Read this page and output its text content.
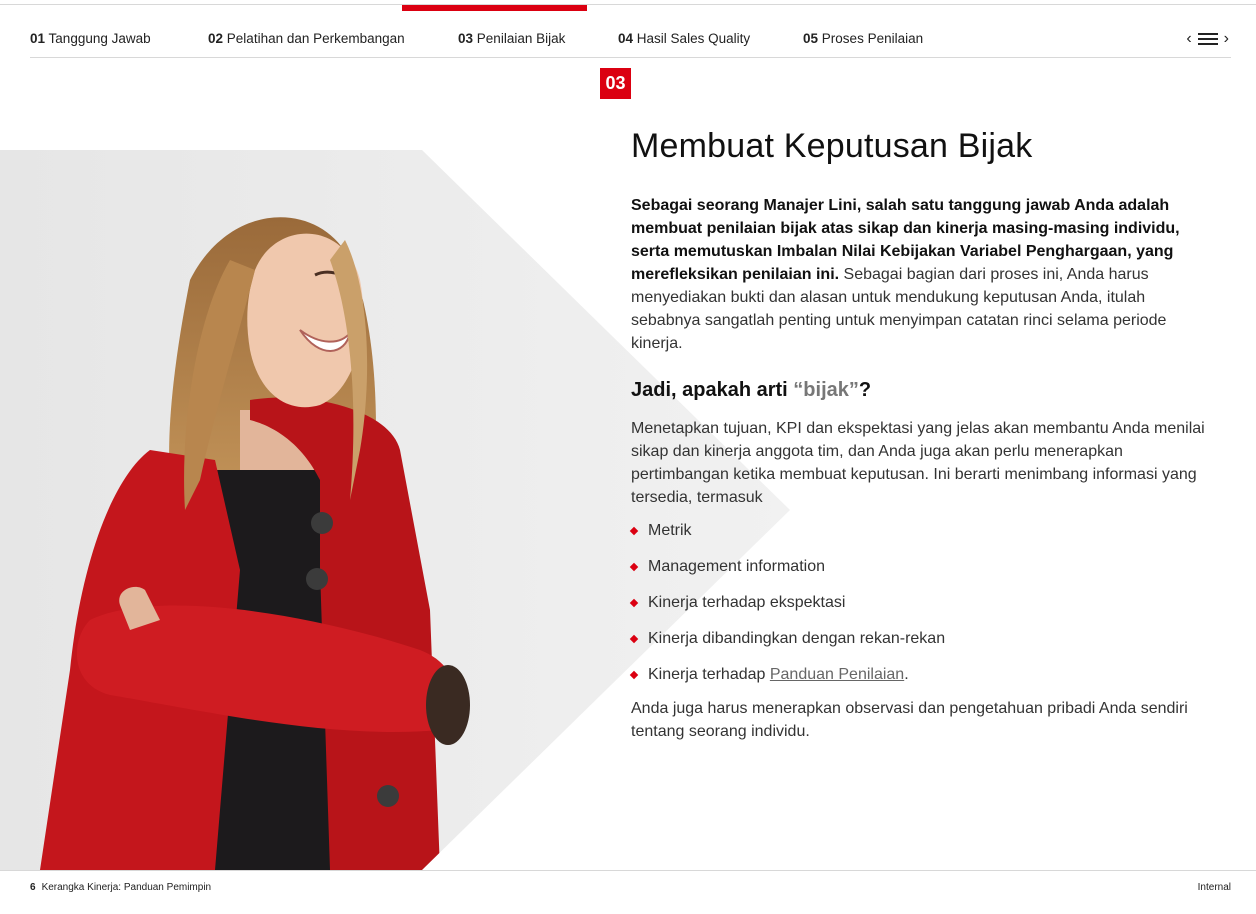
01 Tanggung Jawab	02 Pelatihan dan Perkembangan	03 Penilaian Bijak	04 Hasil Sales Quality	05 Proses Penilaian	‹ ›
03
Membuat Keputusan Bijak

Sebagai seorang Manajer Lini, salah satu tanggung jawab Anda adalah membuat penilaian bijak atas sikap dan kinerja masing-masing individu, serta memutuskan Imbalan Nilai Kebijakan Variabel Penghargaan, yang merefleksikan penilaian ini. Sebagai bagian dari proses ini, Anda harus menyediakan bukti dan alasan untuk mendukung keputusan Anda, itulah sebabnya sangatlah penting untuk menyimpan catatan rinci selama periode kinerja.

Jadi, apakah arti “bijak”?

Menetapkan tujuan, KPI dan ekspektasi yang jelas akan membantu Anda menilai sikap dan kinerja anggota tim, dan Anda juga akan perlu menerapkan pertimbangan ketika membuat keputusan. Ini berarti menimbang informasi yang tersedia, termasuk

Metrik
Management information
Kinerja terhadap ekspektasi
Kinerja dibandingkan dengan rekan-rekan
Kinerja terhadap Panduan Penilaian.

Anda juga harus menerapkan observasi dan pengetahuan pribadi Anda sendiri tentang seorang individu.

6 Kerangka Kinerja: Panduan Pemimpin	Internal
